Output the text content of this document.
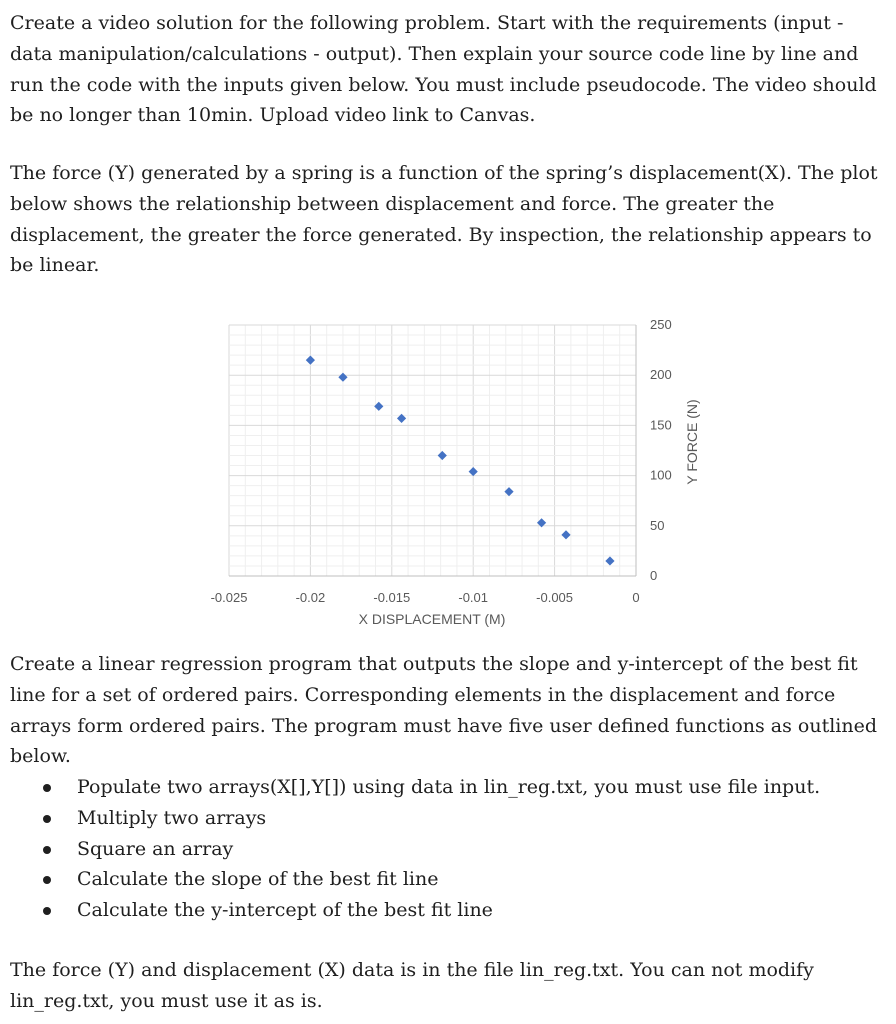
Create a video solution for the following problem. Start with the requirements (input - data manipulation/calculations - output). Then explain your source code line by line and run the code with the inputs given below. You must include pseudocode. The video should be no longer than 10min. Upload video link to Canvas.

The force (Y) generated by a spring is a function of the spring’s displacement(X). The plot below shows the relationship between displacement and force. The greater the displacement, the greater the force generated. By inspection, the relationship appears to be linear.

-0.025	-0.02	-0.015	-0.01	-0.005	0
0
50
100
150
200
250
X DISPLACEMENT (M)
Y FORCE (N)

Create a linear regression program that outputs the slope and y-intercept of the best fit line for a set of ordered pairs. Corresponding elements in the displacement and force arrays form ordered pairs. The program must have five user defined functions as outlined below.

Populate two arrays(X[],Y[]) using data in lin_reg.txt, you must use file input.
Multiply two arrays
Square an array
Calculate the slope of the best fit line
Calculate the y-intercept of the best fit line

The force (Y) and displacement (X) data is in the file lin_reg.txt. You can not modify lin_reg.txt, you must use it as is.
